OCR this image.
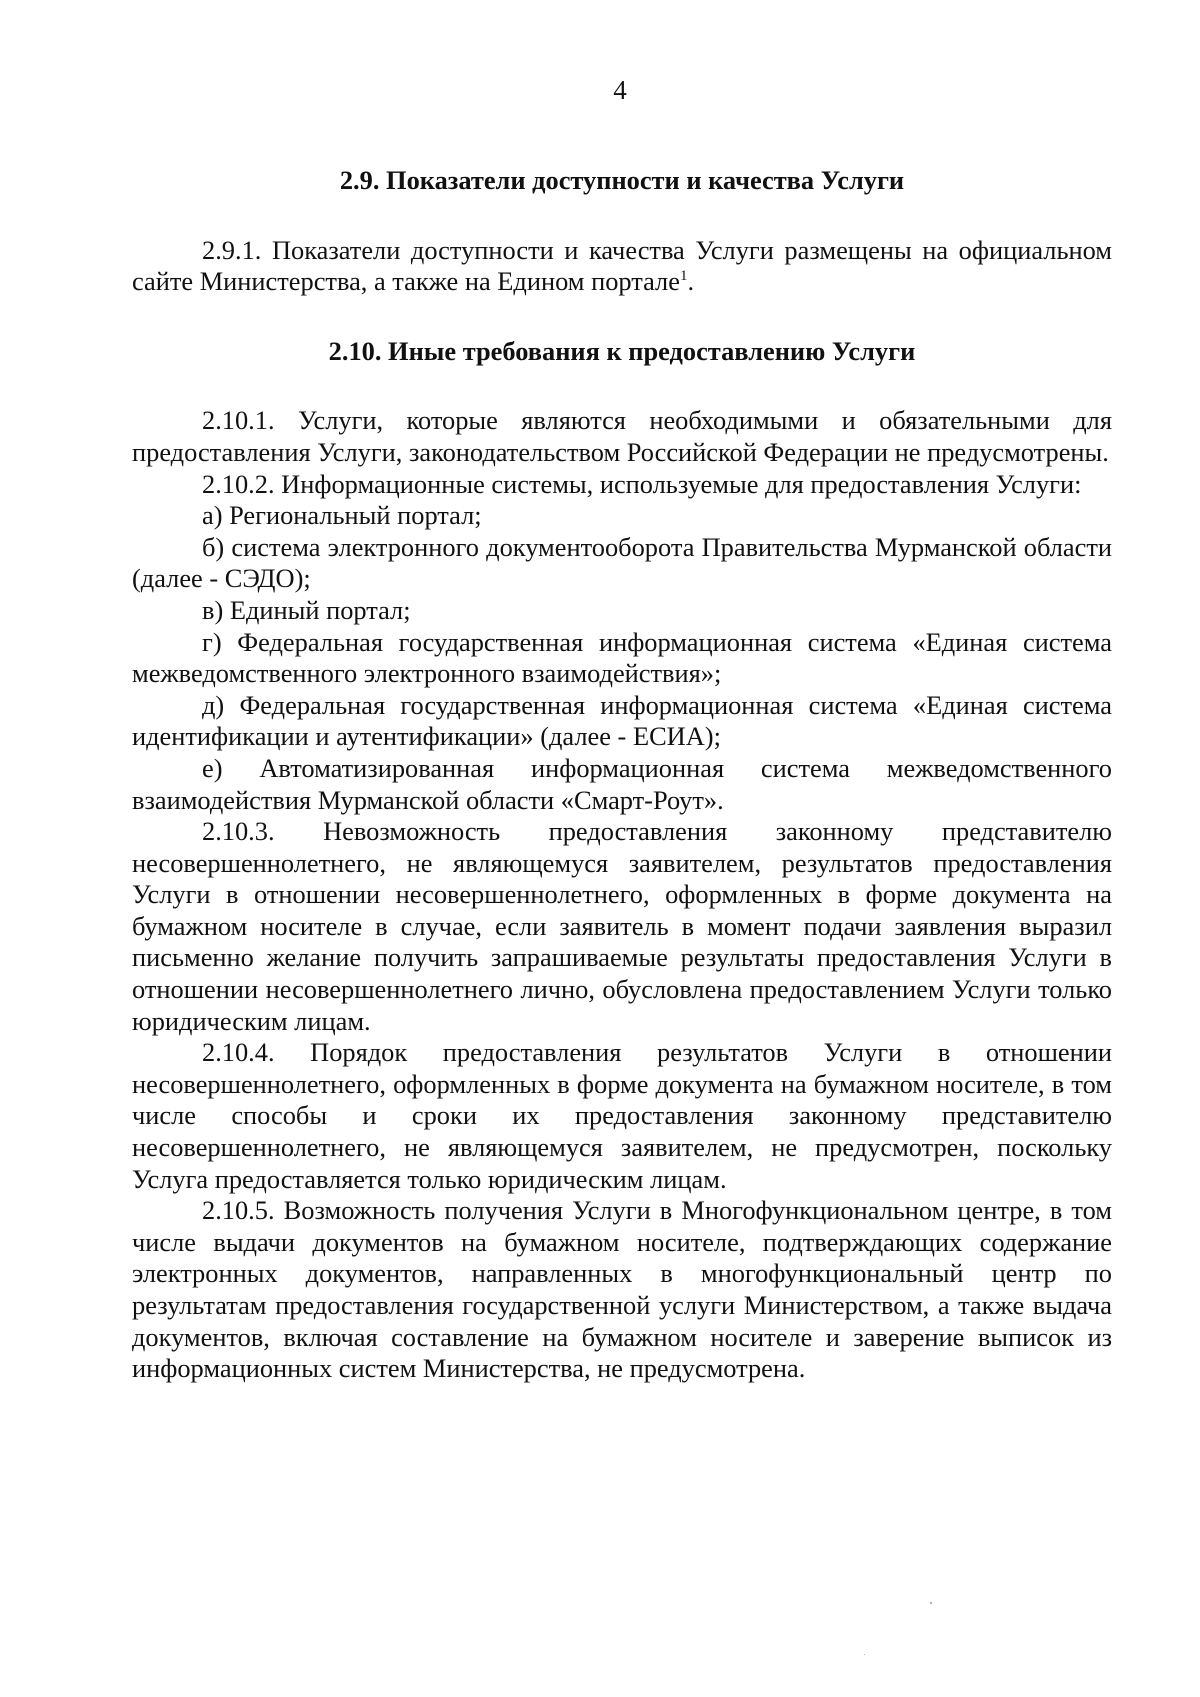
4

2.9. Показатели доступности и качества Услуги

2.9.1. Показатели доступности и качества Услуги размещены на официальном сайте Министерства, а также на Едином портале$^1$.

2.10. Иные требования к предоставлению Услуги

2.10.1. Услуги, которые являются необходимыми и обязательными для предоставления Услуги, законодательством Российской Федерации не предусмотрены.

2.10.2. Информационные системы, используемые для предоставления Услуги:

а) Региональный портал;

б) система электронного документооборота Правительства Мурманской области (далее - СЭДО);

в) Единый портал;

г) Федеральная государственная информационная система «Единая система межведомственного электронного взаимодействия»;

д) Федеральная государственная информационная система «Единая система идентификации и аутентификации» (далее - ЕСИА);

е) Автоматизированная информационная система межведомственного взаимодействия Мурманской области «Смарт-Роут».

2.10.3. Невозможность предоставления законному представителю несовершеннолетнего, не являющемуся заявителем, результатов предоставления Услуги в отношении несовершеннолетнего, оформленных в форме документа на бумажном носителе в случае, если заявитель в момент подачи заявления выразил письменно желание получить запрашиваемые результаты предоставления Услуги в отношении несовершеннолетнего лично, обусловлена предоставлением Услуги только юридическим лицам.

2.10.4. Порядок предоставления результатов Услуги в отношении несовершеннолетнего, оформленных в форме документа на бумажном носителе, в том числе способы и сроки их предоставления законному представителю несовершеннолетнего, не являющемуся заявителем, не предусмотрен, поскольку Услуга предоставляется только юридическим лицам.

2.10.5. Возможность получения Услуги в Многофункциональном центре, в том числе выдачи документов на бумажном носителе, подтверждающих содержание электронных документов, направленных в многофункциональный центр по результатам предоставления государственной услуги Министерством, а также выдача документов, включая составление на бумажном носителе и заверение выписок из информационных систем Министерства, не предусмотрена.
